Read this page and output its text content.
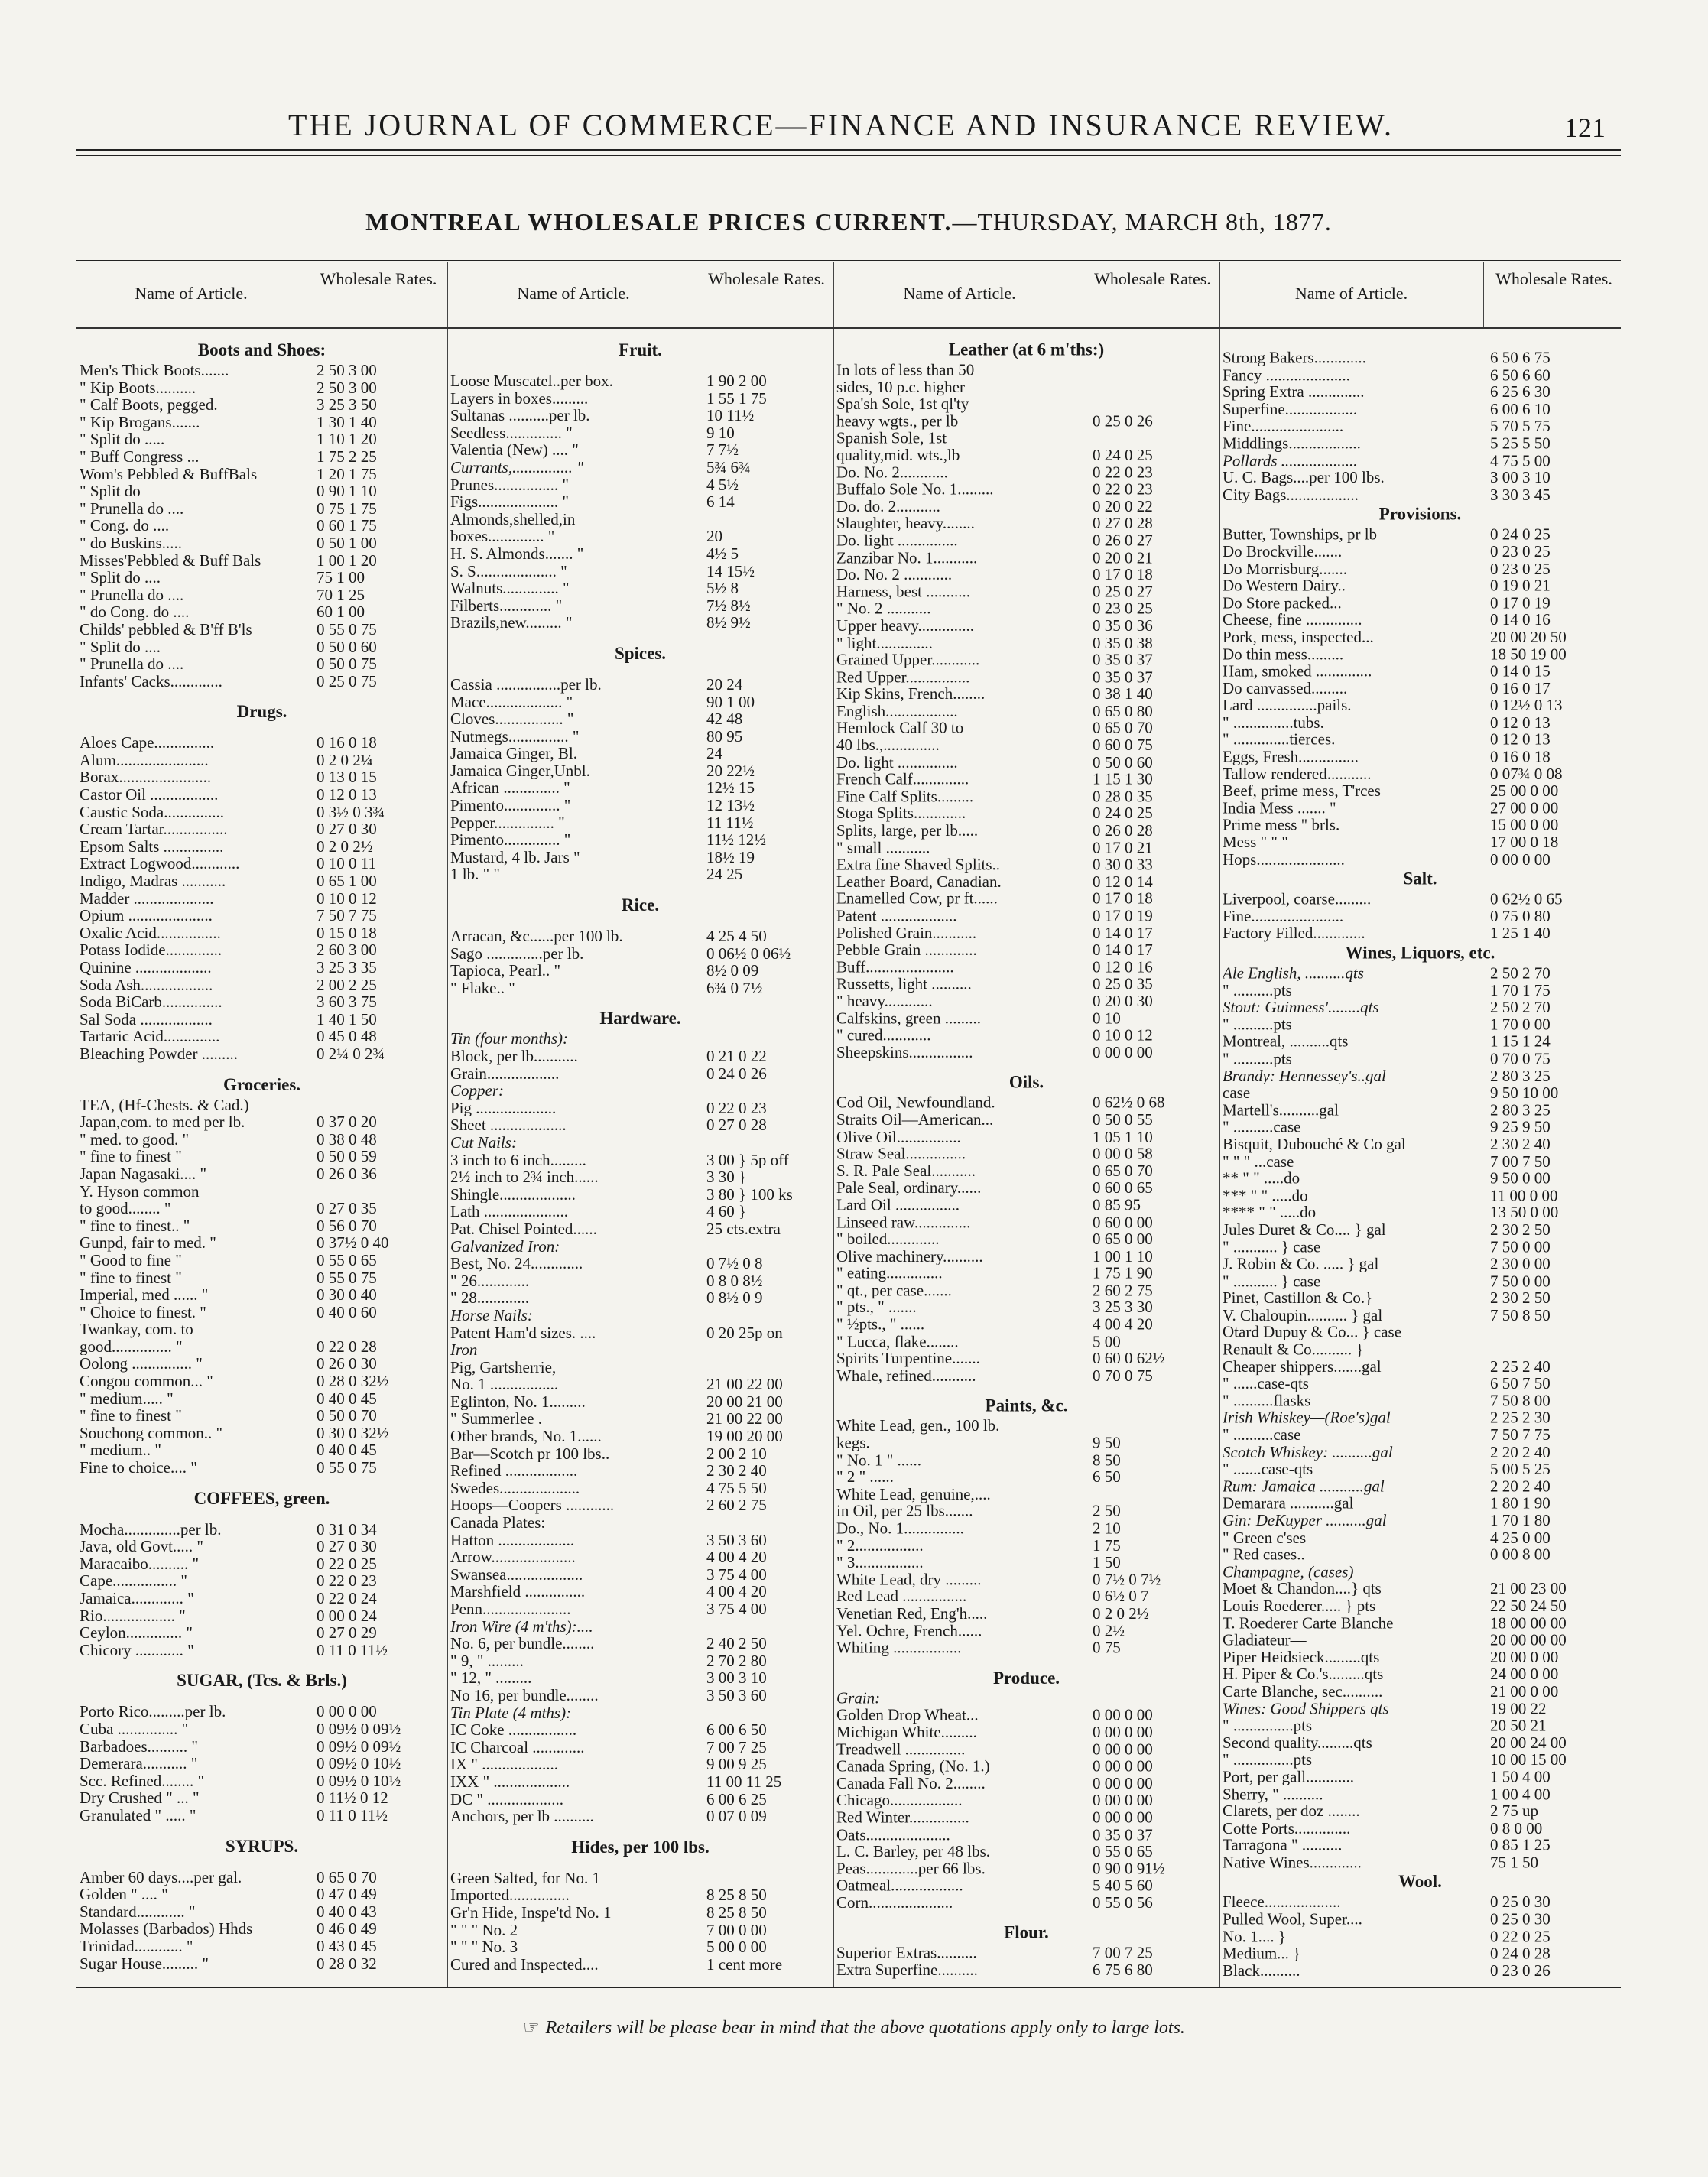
THE JOURNAL OF COMMERCE—FINANCE AND INSURANCE REVIEW.	121
MONTREAL WHOLESALE PRICES CURRENT.—THURSDAY, MARCH 8th, 1877.
Name of Article.
Wholesale Rates.
Boots and Shoes:
Men's Thick Boots.......	2 50 3 00
" Kip Boots..........	2 50 3 00
" Calf Boots, pegged.	3 25 3 50
" Kip Brogans.......	1 30 1 40
" Split do .....	1 10 1 20
" Buff Congress ...	1 75 2 25
Wom's Pebbled & BuffBals	1 20 1 75
" Split do	0 90 1 10
" Prunella do ....	0 75 1 75
" Cong. do ....	0 60 1 75
" do Buskins.....	0 50 1 00
Misses'Pebbled & Buff Bals	1 00 1 20
" Split do ....	75 1 00
" Prunella do ....	70 1 25
" do Cong. do ....	60 1 00
Childs' pebbled & B'ff B'ls	0 55 0 75
" Split do ....	0 50 0 60
" Prunella do ....	0 50 0 75
Infants' Cacks.............	0 25 0 75
Drugs.
Aloes Cape...............	0 16 0 18
Alum.......................	0 2 0 2¼
Borax.......................	0 13 0 15
Castor Oil .................	0 12 0 13
Caustic Soda...............	0 3½ 0 3¾
Cream Tartar................	0 27 0 30
Epsom Salts ...............	0 2 0 2½
Extract Logwood............	0 10 0 11
Indigo, Madras ...........	0 65 1 00
Madder ....................	0 10 0 12
Opium .....................	7 50 7 75
Oxalic Acid................	0 15 0 18
Potass Iodide..............	2 60 3 00
Quinine ...................	3 25 3 35
Soda Ash..................	2 00 2 25
Soda BiCarb...............	3 60 3 75
Sal Soda ..................	1 40 1 50
Tartaric Acid..............	0 45 0 48
Bleaching Powder .........	0 2¼ 0 2¾
Groceries.
TEA, (Hf-Chests. & Cad.)
Japan,com. to med per lb.	0 37 0 20
" med. to good. "	0 38 0 48
" fine to finest "	0 50 0 59
Japan Nagasaki.... "	0 26 0 36
Y. Hyson common
to good........ "	0 27 0 35
" fine to finest.. "	0 56 0 70
Gunpd, fair to med. "	0 37½ 0 40
" Good to fine "	0 55 0 65
" fine to finest "	0 55 0 75
Imperial, med ...... "	0 30 0 40
" Choice to finest. "	0 40 0 60
Twankay, com. to
good............... "	0 22 0 28
Oolong ............... "	0 26 0 30
Congou common... "	0 28 0 32½
" medium..... "	0 40 0 45
" fine to finest "	0 50 0 70
Souchong common.. "	0 30 0 32½
" medium.. "	0 40 0 45
Fine to choice.... "	0 55 0 75
COFFEES, green.
Mocha..............per lb.	0 31 0 34
Java, old Govt..... "	0 27 0 30
Maracaibo.......... "	0 22 0 25
Cape................ "	0 22 0 23
Jamaica............. "	0 22 0 24
Rio.................. "	0 00 0 24
Ceylon.............. "	0 27 0 29
Chicory ............ "	0 11 0 11½
SUGAR, (Tcs. & Brls.)
Porto Rico.........per lb.	0 00 0 00
Cuba ............... "	0 09½ 0 09½
Barbadoes.......... "	0 09½ 0 09½
Demerara........... "	0 09½ 0 10½
Scc. Refined........ "	0 09½ 0 10½
Dry Crushed " ... "	0 11½ 0 12
Granulated " ..... "	0 11 0 11½
SYRUPS.
Amber 60 days....per gal.	0 65 0 70
Golden " .... "	0 47 0 49
Standard............ "	0 40 0 43
Molasses (Barbados) Hhds	0 46 0 49
Trinidad............ "	0 43 0 45
Sugar House......... "	0 28 0 32
Name of Article.
Wholesale Rates.
Fruit.
Loose Muscatel..per box.	1 90 2 00
Layers in boxes.........	1 55 1 75
Sultanas ..........per lb.	10 11½
Seedless.............. "	9 10
Valentia (New) .... "	7 7½
Currants,............... "	5¾ 6¾
Prunes................ "	4 5½
Figs.................... "	6 14
Almonds,shelled,in
boxes.............. "	20
H. S. Almonds....... "	4½ 5
S. S.................... "	14 15½
Walnuts.............. "	5½ 8
Filberts............. "	7½ 8½
Brazils,new......... "	8½ 9½
Spices.
Cassia ................per lb.	20 24
Mace................... "	90 1 00
Cloves................. "	42 48
Nutmegs............... "	80 95
Jamaica Ginger, Bl.	24
Jamaica Ginger,Unbl.	20 22½
African .............. "	12½ 15
Pimento.............. "	12 13½
Pepper............... "	11 11½
Pimento.............. "	11½ 12½
Mustard, 4 lb. Jars "	18½ 19
1 lb. " "	24 25
Rice.
Arracan, &c......per 100 lb.	4 25 4 50
Sago ..............per lb.	0 06½ 0 06½
Tapioca, Pearl.. "	8½ 0 09
" Flake.. "	6¾ 0 7½
Hardware.
Tin (four months):
Block, per lb...........	0 21 0 22
Grain..................	0 24 0 26
Copper:
Pig ....................	0 22 0 23
Sheet ...................	0 27 0 28
Cut Nails:
3 inch to 6 inch.........	3 00 } 5p off
2½ inch to 2¾ inch......	3 30 }
Shingle...................	3 80 } 100 ks
Lath .....................	4 60 }
Pat. Chisel Pointed......	25 cts.extra
Galvanized Iron:
Best, No. 24.............	0 7½ 0 8
" 26.............	0 8 0 8½
" 28.............	0 8½ 0 9
Horse Nails:
Patent Ham'd sizes. ....	0 20 25p on
Iron
Pig, Gartsherrie,
No. 1 .................	21 00 22 00
Eglinton, No. 1.........	20 00 21 00
" Summerlee .	21 00 22 00
Other brands, No. 1......	19 00 20 00
Bar—Scotch pr 100 lbs..	2 00 2 10
Refined ..................	2 30 2 40
Swedes....................	4 75 5 50
Hoops—Coopers ............	2 60 2 75
Canada Plates:
Hatton ...................	3 50 3 60
Arrow.....................	4 00 4 20
Swansea...................	3 75 4 00
Marshfield ...............	4 00 4 20
Penn......................	3 75 4 00
Iron Wire (4 m'ths):....
No. 6, per bundle........	2 40 2 50
" 9, " .........	2 70 2 80
" 12, " .........	3 00 3 10
No 16, per bundle........	3 50 3 60
Tin Plate (4 mths):
IC Coke .................	6 00 6 50
IC Charcoal .............	7 00 7 25
IX " ...................	9 00 9 25
IXX " ...................	11 00 11 25
DC " ...................	6 00 6 25
Anchors, per lb ..........	0 07 0 09
Hides, per 100 lbs.
Green Salted, for No. 1
Imported...............	8 25 8 50
Gr'n Hide, Inspe'td No. 1	8 25 8 50
" " " No. 2	7 00 0 00
" " " No. 3	5 00 0 00
Cured and Inspected....	1 cent more
Name of Article.
Wholesale Rates.
Leather (at 6 m'ths:)
In lots of less than 50
sides, 10 p.c. higher
Spa'sh Sole, 1st ql'ty
heavy wgts., per lb	0 25 0 26
Spanish Sole, 1st
quality,mid. wts.,lb	0 24 0 25
Do. No. 2............	0 22 0 23
Buffalo Sole No. 1.........	0 22 0 23
Do. do. 2...........	0 20 0 22
Slaughter, heavy........	0 27 0 28
Do. light ...............	0 26 0 27
Zanzibar No. 1...........	0 20 0 21
Do. No. 2 ............	0 17 0 18
Harness, best ...........	0 25 0 27
" No. 2 ...........	0 23 0 25
Upper heavy..............	0 35 0 36
" light..............	0 35 0 38
Grained Upper............	0 35 0 37
Red Upper................	0 35 0 37
Kip Skins, French........	0 38 1 40
English..................	0 65 0 80
Hemlock Calf 30 to	0 65 0 70
40 lbs.,..............	0 60 0 75
Do. light ...............	0 50 0 60
French Calf..............	1 15 1 30
Fine Calf Splits.........	0 28 0 35
Stoga Splits.............	0 24 0 25
Splits, large, per lb.....	0 26 0 28
" small ...........	0 17 0 21
Extra fine Shaved Splits..	0 30 0 33
Leather Board, Canadian.	0 12 0 14
Enamelled Cow, pr ft......	0 17 0 18
Patent ...................	0 17 0 19
Polished Grain...........	0 14 0 17
Pebble Grain .............	0 14 0 17
Buff......................	0 12 0 16
Russetts, light ..........	0 25 0 35
" heavy............	0 20 0 30
Calfskins, green .........	0 10
" cured............	0 10 0 12
Sheepskins................	0 00 0 00
Oils.
Cod Oil, Newfoundland.	0 62½ 0 68
Straits Oil—American...	0 50 0 55
Olive Oil................	1 05 1 10
Straw Seal...............	0 00 0 58
S. R. Pale Seal...........	0 65 0 70
Pale Seal, ordinary......	0 60 0 65
Lard Oil ................	0 85 95
Linseed raw..............	0 60 0 00
" boiled.............	0 65 0 00
Olive machinery..........	1 00 1 10
" eating..............	1 75 1 90
" qt., per case.......	2 60 2 75
" pts., " .......	3 25 3 30
" ½pts., " ......	4 00 4 20
" Lucca, flake........	5 00
Spirits Turpentine.......	0 60 0 62½
Whale, refined...........	0 70 0 75
Paints, &c.
White Lead, gen., 100 lb.
kegs.	9 50
" No. 1 " ......	8 50
" 2 " ......	6 50
White Lead, genuine,....
in Oil, per 25 lbs.......	2 50
Do., No. 1...............	2 10
" 2.................	1 75
" 3.................	1 50
White Lead, dry .........	0 7½ 0 7½
Red Lead ................	0 6½ 0 7
Venetian Red, Eng'h.....	0 2 0 2½
Yel. Ochre, French......	0 2½
Whiting .................	0 75
Produce.
Grain:
Golden Drop Wheat...	0 00 0 00
Michigan White.........	0 00 0 00
Treadwell ...............	0 00 0 00
Canada Spring, (No. 1.)	0 00 0 00
Canada Fall No. 2........	0 00 0 00
Chicago..................	0 00 0 00
Red Winter...............	0 00 0 00
Oats.....................	0 35 0 37
L. C. Barley, per 48 lbs.	0 55 0 65
Peas.............per 66 lbs.	0 90 0 91½
Oatmeal..................	5 40 5 60
Corn.....................	0 55 0 56
Flour.
Superior Extras..........	7 00 7 25
Extra Superfine..........	6 75 6 80
Name of Article.
Wholesale Rates.
Strong Bakers.............	6 50 6 75
Fancy .....................	6 50 6 60
Spring Extra ..............	6 25 6 30
Superfine..................	6 00 6 10
Fine.......................	5 70 5 75
Middlings..................	5 25 5 50
Pollards ...................	4 75 5 00
U. C. Bags....per 100 lbs.	3 00 3 10
City Bags..................	3 30 3 45
Provisions.
Butter, Townships, pr lb	0 24 0 25
Do Brockville.......	0 23 0 25
Do Morrisburg.......	0 23 0 25
Do Western Dairy..	0 19 0 21
Do Store packed...	0 17 0 19
Cheese, fine ..............	0 14 0 16
Pork, mess, inspected...	20 00 20 50
Do thin mess.........	18 50 19 00
Ham, smoked ..............	0 14 0 15
Do canvassed.........	0 16 0 17
Lard ...............pails.	0 12½ 0 13
" ...............tubs.	0 12 0 13
" ..............tierces.	0 12 0 13
Eggs, Fresh...............	0 16 0 18
Tallow rendered...........	0 07¾ 0 08
Beef, prime mess, T'rces	25 00 0 00
India Mess ....... "	27 00 0 00
Prime mess " brls.	15 00 0 00
Mess " " "	17 00 0 18
Hops......................	0 00 0 00
Salt.
Liverpool, coarse.........	0 62½ 0 65
Fine.......................	0 75 0 80
Factory Filled.............	1 25 1 40
Wines, Liquors, etc.
Ale English, ..........qts	2 50 2 70
" ..........pts	1 70 1 75
Stout: Guinness'........qts	2 50 2 70
" ..........pts	1 70 0 00
Montreal, ..........qts	1 15 1 24
" ..........pts	0 70 0 75
Brandy: Hennessey's..gal	2 80 3 25
case	9 50 10 00
Martell's..........gal	2 80 3 25
" ..........case	9 25 9 50
Bisquit, Dubouché & Co gal	2 30 2 40
" " " ...case	7 00 7 50
** " " .....do	9 50 0 00
*** " " .....do	11 00 0 00
**** " " .....do	13 50 0 00
Jules Duret & Co.... } gal	2 30 2 50
" ........... } case	7 50 0 00
J. Robin & Co. ..... } gal	2 30 0 00
" ........... } case	7 50 0 00
Pinet, Castillon & Co.}	2 30 2 50
V. Chaloupin.......... } gal	7 50 8 50
Otard Dupuy & Co... } case
Renault & Co.......... }
Cheaper shippers.......gal	2 25 2 40
" ......case-qts	6 50 7 50
" ..........flasks	7 50 8 00
Irish Whiskey—(Roe's)gal	2 25 2 30
" ..........case	7 50 7 75
Scotch Whiskey: ..........gal	2 20 2 40
" .......case-qts	5 00 5 25
Rum: Jamaica ...........gal	2 20 2 40
Demarara ...........gal	1 80 1 90
Gin: DeKuyper ..........gal	1 70 1 80
" Green c'ses	4 25 0 00
" Red cases..	0 00 8 00
Champagne, (cases)
Moet & Chandon....} qts	21 00 23 00
Louis Roederer..... } pts	22 50 24 50
T. Roederer Carte Blanche	18 00 00 00
Gladiateur—	20 00 00 00
Piper Heidsieck.........qts	20 00 0 00
H. Piper & Co.'s.........qts	24 00 0 00
Carte Blanche, sec..........	21 00 0 00
Wines: Good Shippers qts	19 00 22
" ...............pts	20 50 21
Second quality.........qts	20 00 24 00
" ...............pts	10 00 15 00
Port, per gall............	1 50 4 00
Sherry, " ..........	1 00 4 00
Clarets, per doz ........	2 75 up
Cotte Ports..............	0 8 0 00
Tarragona " ..........	0 85 1 25
Native Wines.............	75 1 50
Wool.
Fleece...................	0 25 0 30
Pulled Wool, Super....	0 25 0 30
No. 1.... }	0 22 0 25
Medium... }	0 24 0 28
Black..........	0 23 0 26
☞ Retailers will be please bear in mind that the above quotations apply only to large lots.
